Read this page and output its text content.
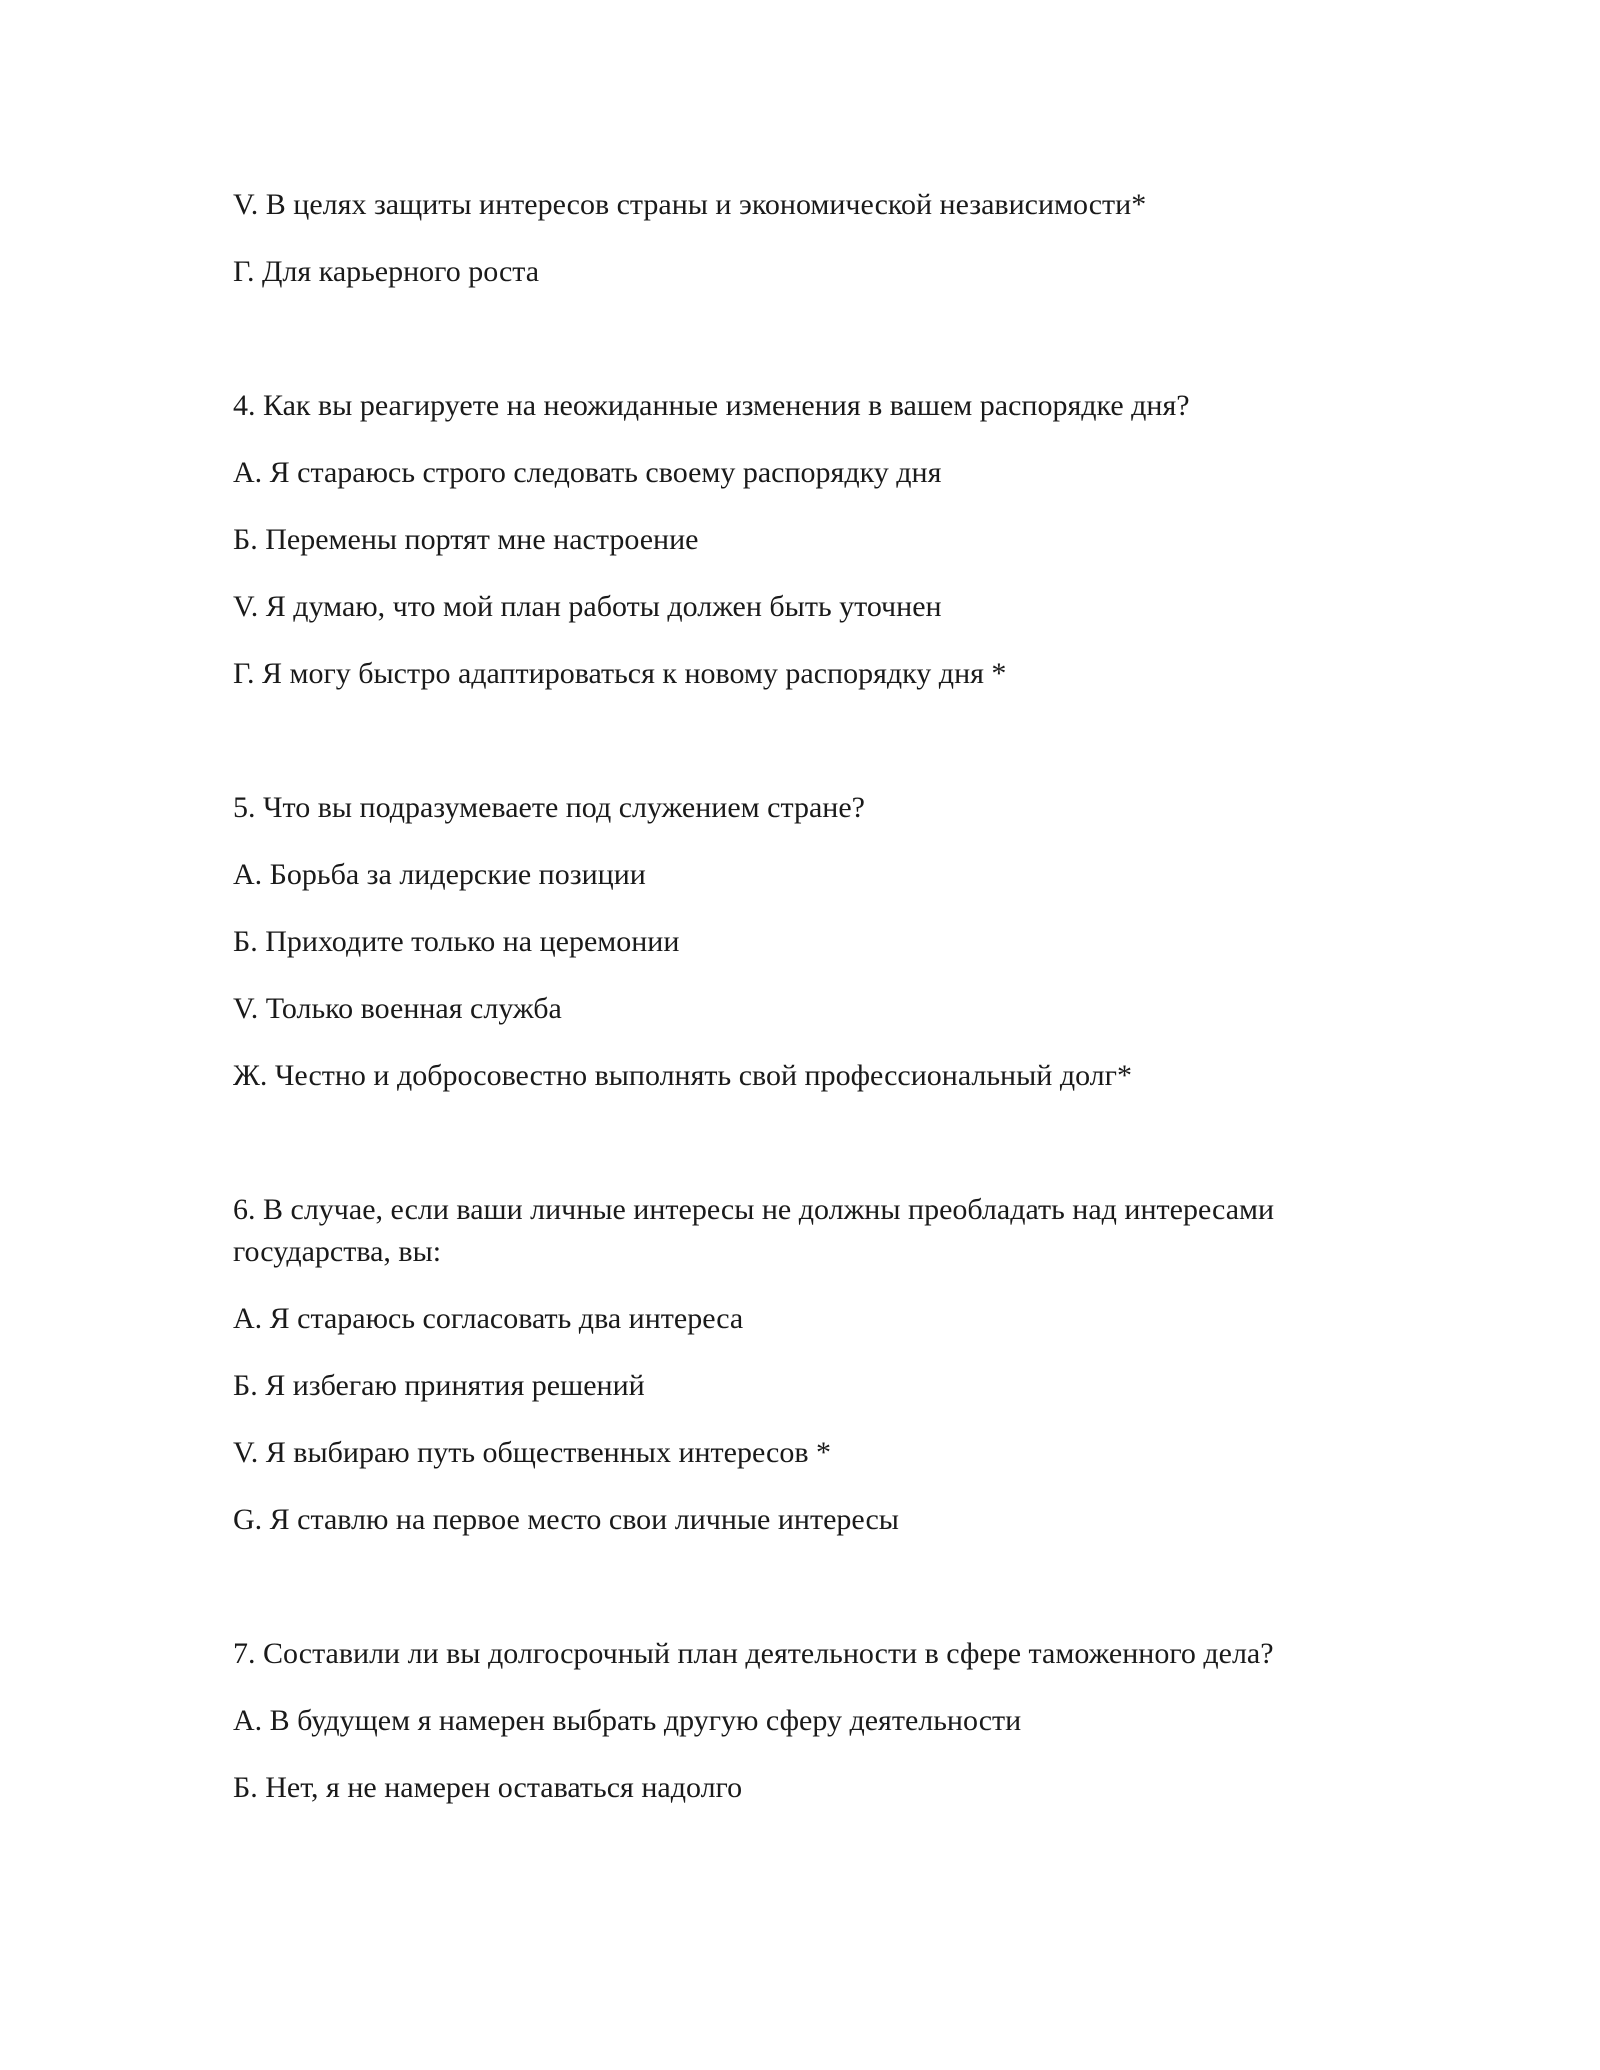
V. В целях защиты интересов страны и экономической независимости*

Г. Для карьерного роста

4. Как вы реагируете на неожиданные изменения в вашем распорядке дня?

А. Я стараюсь строго следовать своему распорядку дня

Б. Перемены портят мне настроение

V. Я думаю, что мой план работы должен быть уточнен

Г. Я могу быстро адаптироваться к новому распорядку дня *

5. Что вы подразумеваете под служением стране?

А. Борьба за лидерские позиции

Б. Приходите только на церемонии

V. Только военная служба

Ж. Честно и добросовестно выполнять свой профессиональный долг*

6. В случае, если ваши личные интересы не должны преобладать над интересами государства, вы:

А. Я стараюсь согласовать два интереса

Б. Я избегаю принятия решений

V. Я выбираю путь общественных интересов *

G. Я ставлю на первое место свои личные интересы

7. Составили ли вы долгосрочный план деятельности в сфере таможенного дела?

А. В будущем я намерен выбрать другую сферу деятельности

Б. Нет, я не намерен оставаться надолго
